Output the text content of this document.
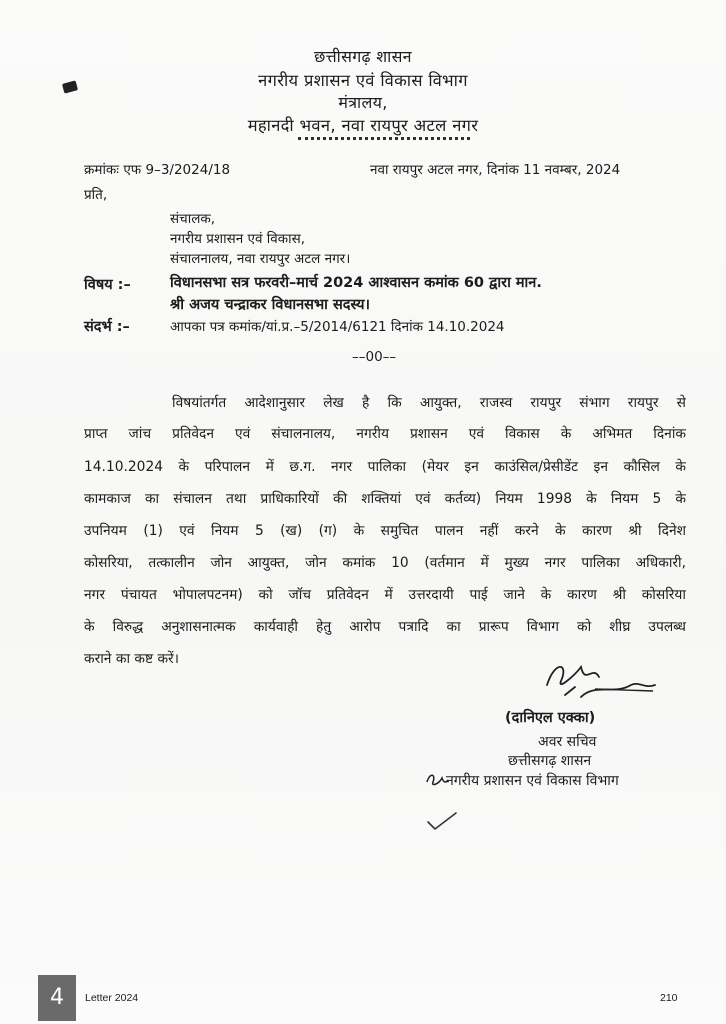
छत्तीसगढ़ शासन
नगरीय प्रशासन एवं विकास विभाग
मंत्रालय,
महानदी भवन, नवा रायपुर अटल नगर
क्रमांकः एफ 9–3/2024/18	नवा रायपुर अटल नगर, दिनांक 11 नवम्बर, 2024
प्रति,
संचालक,
नगरीय प्रशासन एवं विकास,
संचालनालय, नवा रायपुर अटल नगर।
विषय :–	विधानसभा सत्र फरवरी–मार्च 2024 आश्वासन कमांक 60 द्वारा मान.
श्री अजय चन्द्राकर विधानसभा सदस्य।
संदर्भ :–	आपका पत्र कमांक/यां.प्र.–5/2014/6121 दिनांक 14.10.2024
––00––
विषयांतर्गत आदेशानुसार लेख है कि आयुक्त, राजस्व रायपुर संभाग रायपुर से
प्राप्त जांच प्रतिवेदन एवं संचालनालय, नगरीय प्रशासन एवं विकास के अभिमत दिनांक
14.10.2024 के परिपालन में छ.ग. नगर पालिका (मेयर इन काउंसिल/प्रेसीडेंट इन कौसिल के
कामकाज का संचालन तथा प्राधिकारियों की शक्तियां एवं कर्तव्य) नियम 1998 के नियम 5 के
उपनियम (1) एवं नियम 5 (ख) (ग) के समुचित पालन नहीं करने के कारण श्री दिनेश
कोसरिया, तत्कालीन जोन आयुक्त, जोन कमांक 10 (वर्तमान में मुख्य नगर पालिका अधिकारी,
नगर पंचायत भोपालपटनम) को जॉच प्रतिवेदन में उत्तरदायी पाई जाने के कारण श्री कोसरिया
के विरुद्ध अनुशासनात्मक कार्यवाही हेतु आरोप पत्रादि का प्रारूप विभाग को शीघ्र उपलब्ध
कराने का कष्ट करें।
(दानिएल एक्का)
अवर सचिव
छत्तीसगढ़ शासन
नगरीय प्रशासन एवं विकास विभाग
4	Letter 2024	210
